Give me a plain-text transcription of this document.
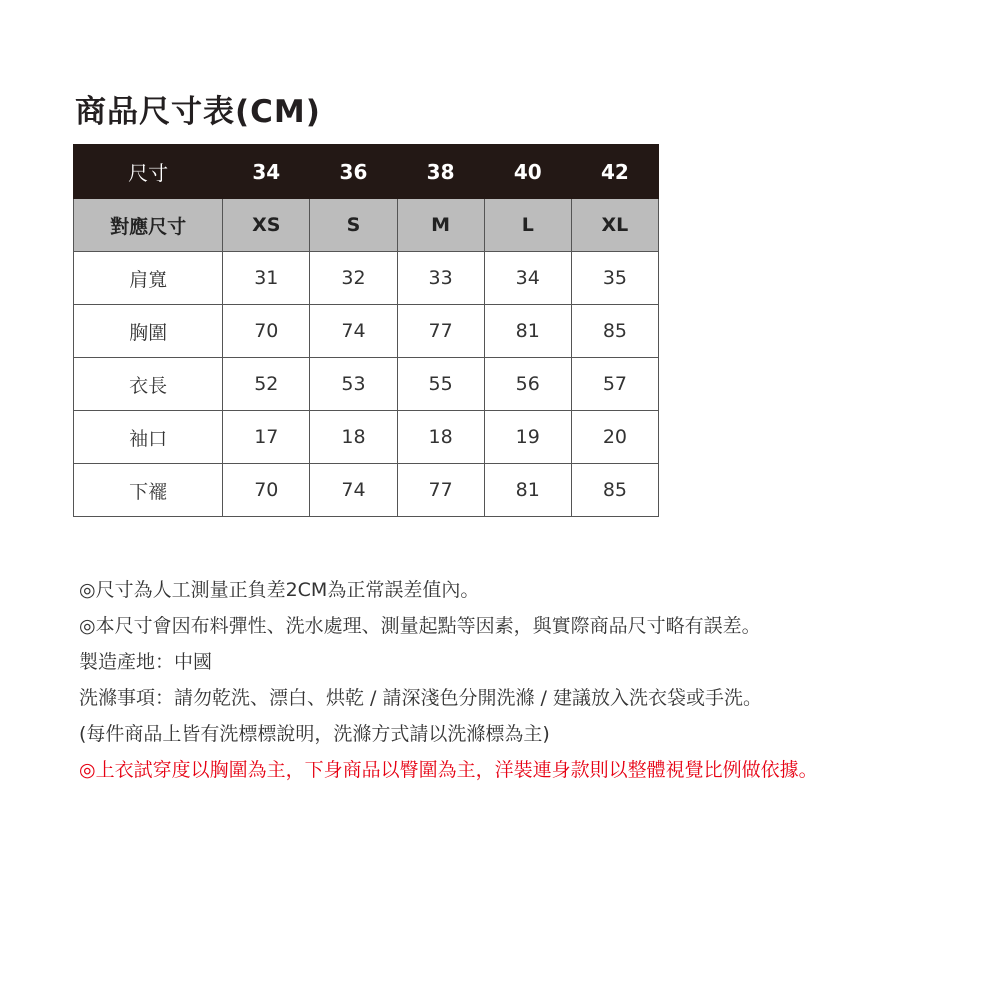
商品尺寸表(CM)
尺寸	34	36	38	40	42
對應尺寸	XS	S	M	L	XL
肩寬	31	32	33	34	35
胸圍	70	74	77	81	85
衣長	52	53	55	56	57
袖口	17	18	18	19	20
下襬	70	74	77	81	85
◎尺寸為人工測量正負差2CM為正常誤差值內。
◎本尺寸會因布料彈性、洗水處理、測量起點等因素，與實際商品尺寸略有誤差。
製造產地：中國
洗滌事項：請勿乾洗、漂白、烘乾 / 請深淺色分開洗滌 / 建議放入洗衣袋或手洗。
(每件商品上皆有洗標標說明，洗滌方式請以洗滌標為主)
◎上衣試穿度以胸圍為主，下身商品以臀圍為主，洋裝連身款則以整體視覺比例做依據。
